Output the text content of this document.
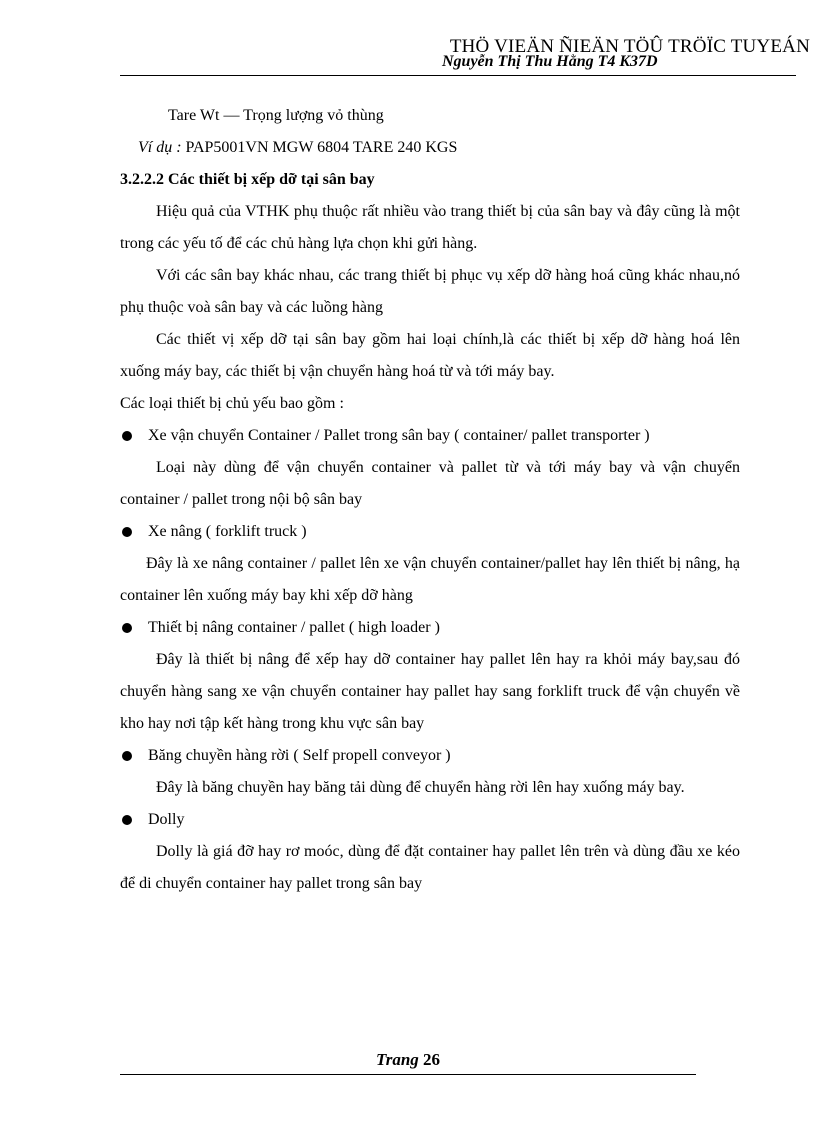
THÖ VIEÄN ÑIEÄN TÖÛ TRÖÏC TUYEÁN
Nguyễn Thị Thu Hằng T4 K37D

Tare Wt — Trọng lượng vỏ thùng

Ví dụ : PAP5001VN MGW 6804 TARE 240 KGS

3.2.2.2 Các thiết bị xếp dỡ tại sân bay

Hiệu quả của VTHK phụ thuộc rất nhiều vào trang thiết bị của sân bay và đây cũng là một trong các yếu tố để các chủ hàng lựa chọn khi gửi hàng.

Với các sân bay khác nhau, các trang thiết bị phục vụ xếp dỡ hàng hoá cũng khác nhau,nó phụ thuộc voà sân bay và các luồng hàng

Các thiết vị xếp dỡ tại sân bay gồm hai loại chính,là các thiết bị xếp dỡ hàng hoá lên xuống máy bay, các thiết bị vận chuyển hàng hoá từ và tới máy bay.

Các loại thiết bị chủ yếu bao gồm :

Xe vận chuyển Container / Pallet trong sân bay ( container/ pallet transporter )

Loại này dùng để vận chuyển container và pallet từ và tới máy bay và vận chuyển container / pallet trong nội bộ sân bay

Xe nâng ( forklift truck )

Đây là xe nâng container / pallet lên xe vận chuyển container/pallet hay lên thiết bị nâng, hạ container lên xuống máy bay khi xếp dỡ hàng

Thiết bị nâng container / pallet ( high loader )

Đây là thiết bị nâng để xếp hay dỡ container hay pallet lên hay ra khỏi máy bay,sau đó chuyển hàng sang xe vận chuyển container hay pallet hay sang forklift truck để vận chuyển về kho hay nơi tập kết hàng trong khu vực sân bay

Băng chuyền hàng rời ( Self propell conveyor )

Đây là băng chuyền hay băng tải dùng để chuyển hàng rời lên hay xuống máy bay.

Dolly

Dolly là giá đỡ hay rơ moóc, dùng để đặt container hay pallet lên trên và dùng đầu xe kéo để di chuyển container hay pallet trong sân bay

Trang 26
